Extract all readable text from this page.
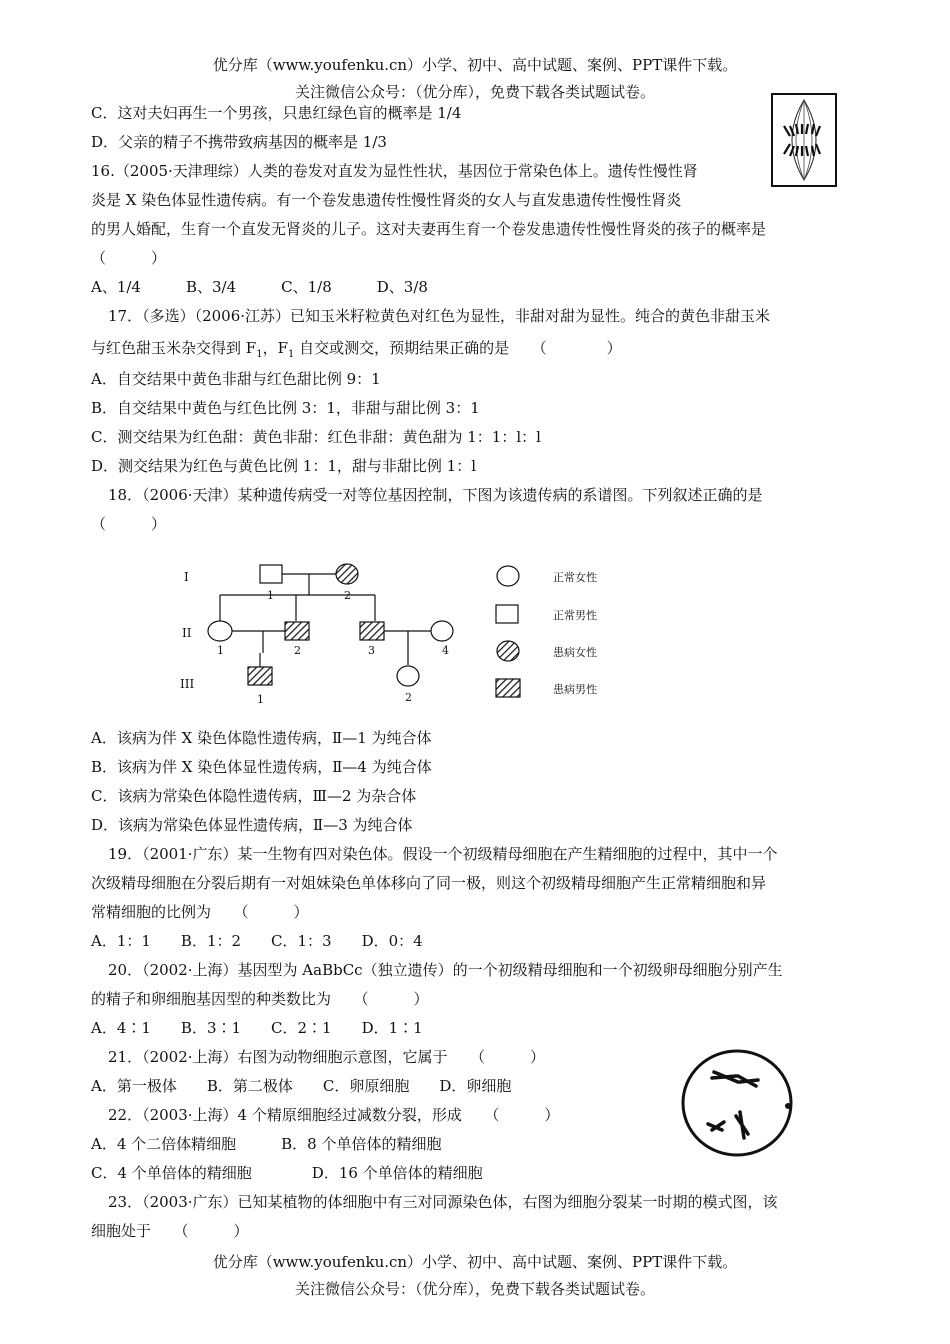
优分库（www.youfenku.cn）小学、初中、高中试题、案例、PPT课件下载。
关注微信公众号：（优分库），免费下载各类试题试卷。
C．这对夫妇再生一个男孩，只患红绿色盲的概率是 1/4
D．父亲的精子不携带致病基因的概率是 1/3
16.（2005·天津理综）人类的卷发对直发为显性性状，基因位于常染色体上。遗传性慢性肾
炎是 X 染色体显性遗传病。有一个卷发患遗传性慢性肾炎的女人与直发患遗传性慢性肾炎
的男人婚配，生育一个直发无肾炎的儿子。这对夫妻再生育一个卷发患遗传性慢性肾炎的孩子的概率是
（　　　）
A、1/4　　　B、3/4　　　C、1/8　　　D、3/8
17．（多选）（2006·江苏）已知玉米籽粒黄色对红色为显性，非甜对甜为显性。纯合的黄色非甜玉米
与红色甜玉米杂交得到 $F_1$，$F_1$ 自交或测交，预期结果正确的是　　（　　　　）
A．自交结果中黄色非甜与红色甜比例 9：1
B．自交结果中黄色与红色比例 3：1，非甜与甜比例 3：1
C．测交结果为红色甜：黄色非甜：红色非甜：黄色甜为 1：1：l：l
D．测交结果为红色与黄色比例 1：1，甜与非甜比例 1：l
18．（2006·天津）某种遗传病受一对等位基因控制，下图为该遗传病的系谱图。下列叙述正确的是
（　　　）
I
II
III
1	2
1	2	3	4
1	2
正常女性
正常男性
患病女性
患病男性
A．该病为伴 X 染色体隐性遗传病，Ⅱ—1 为纯合体
B．该病为伴 X 染色体显性遗传病，Ⅱ—4 为纯合体
C．该病为常染色体隐性遗传病，Ⅲ—2 为杂合体
D．该病为常染色体显性遗传病，Ⅱ—3 为纯合体
19．（2001·广东）某一生物有四对染色体。假设一个初级精母细胞在产生精细胞的过程中，其中一个
次级精母细胞在分裂后期有一对姐妹染色单体移向了同一极，则这个初级精母细胞产生正常精细胞和异
常精细胞的比例为　　（　　　）
A．1：1　　B．1：2　　C．1：3　　D．0：4
20．（2002·上海）基因型为 AaBbCc（独立遗传）的一个初级精母细胞和一个初级卵母细胞分别产生
的精子和卵细胞基因型的种类数比为　　（　　　）
A．4∶1　　B．3∶1　　C．2∶1　　D．1∶1
21．（2002·上海）右图为动物细胞示意图，它属于　　（　　　）
A．第一极体　　B．第二极体　　C．卵原细胞　　D．卵细胞
22．（2003·上海）4 个精原细胞经过减数分裂，形成　　（　　　）
A．4 个二倍体精细胞　　　B．8 个单倍体的精细胞
C．4 个单倍体的精细胞　　　　D．16 个单倍体的精细胞
23．（2003·广东）已知某植物的体细胞中有三对同源染色体，右图为细胞分裂某一时期的模式图，该
细胞处于　　（　　　）
优分库（www.youfenku.cn）小学、初中、高中试题、案例、PPT课件下载。
关注微信公众号：（优分库），免费下载各类试题试卷。
